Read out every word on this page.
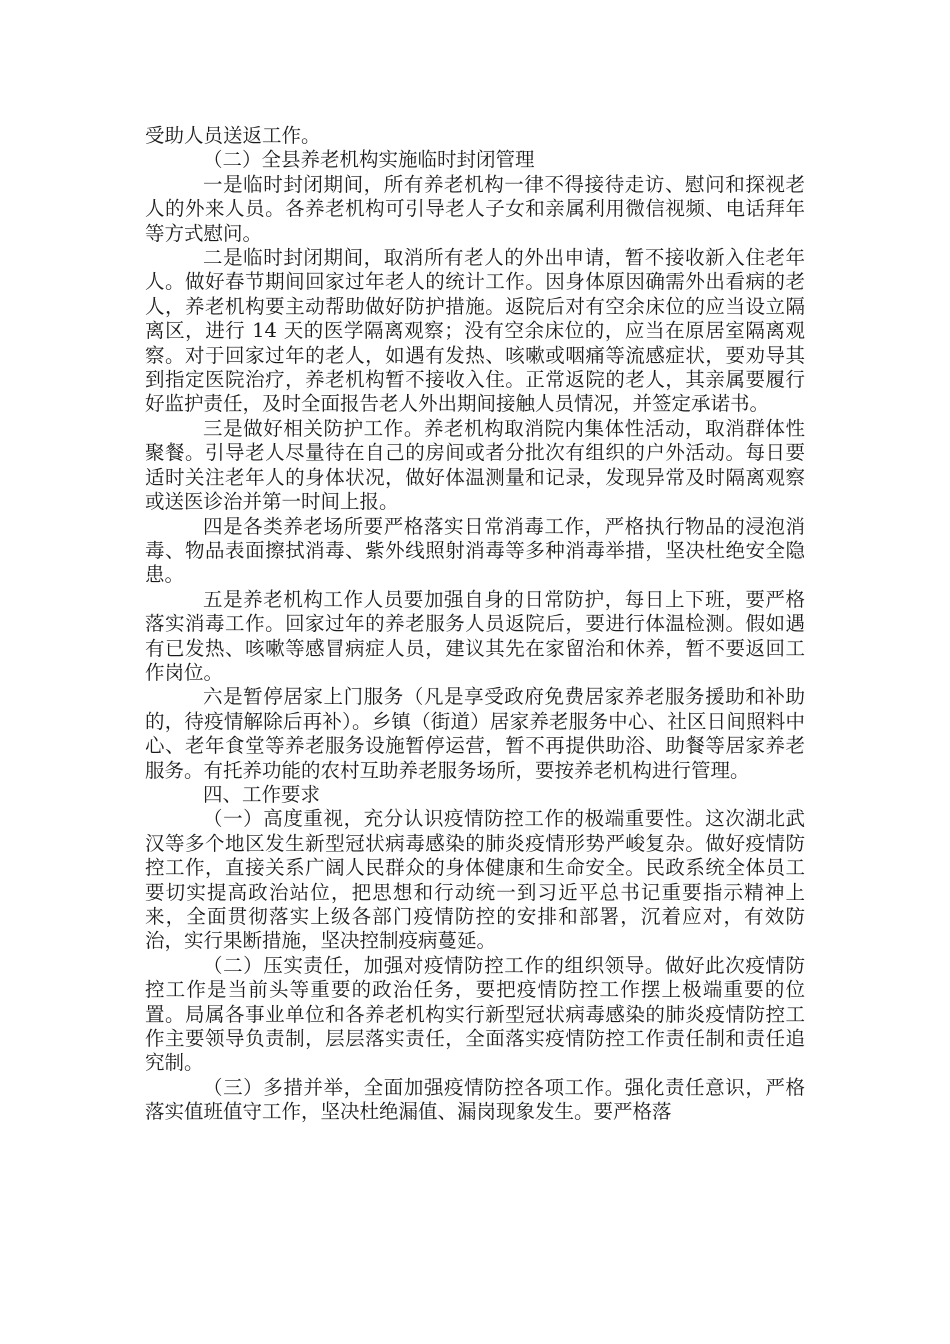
受助人员送返工作。

（二）全县养老机构实施临时封闭管理

一是临时封闭期间，所有养老机构一律不得接待走访、慰问和探视老人的外来人员。各养老机构可引导老人子女和亲属利用微信视频、电话拜年等方式慰问。

二是临时封闭期间，取消所有老人的外出申请，暂不接收新入住老年人。做好春节期间回家过年老人的统计工作。因身体原因确需外出看病的老人，养老机构要主动帮助做好防护措施。返院后对有空余床位的应当设立隔离区，进行 14 天的医学隔离观察；没有空余床位的，应当在原居室隔离观察。对于回家过年的老人，如遇有发热、咳嗽或咽痛等流感症状，要劝导其到指定医院治疗，养老机构暂不接收入住。正常返院的老人，其亲属要履行好监护责任，及时全面报告老人外出期间接触人员情况，并签定承诺书。

三是做好相关防护工作。养老机构取消院内集体性活动，取消群体性聚餐。引导老人尽量待在自己的房间或者分批次有组织的户外活动。每日要适时关注老年人的身体状况，做好体温测量和记录，发现异常及时隔离观察或送医诊治并第一时间上报。

四是各类养老场所要严格落实日常消毒工作，严格执行物品的浸泡消毒、物品表面擦拭消毒、紫外线照射消毒等多种消毒举措，坚决杜绝安全隐患。

五是养老机构工作人员要加强自身的日常防护，每日上下班，要严格落实消毒工作。回家过年的养老服务人员返院后，要进行体温检测。假如遇有已发热、咳嗽等感冒病症人员，建议其先在家留治和休养，暂不要返回工作岗位。

六是暂停居家上门服务（凡是享受政府免费居家养老服务援助和补助的，待疫情解除后再补）。乡镇（街道）居家养老服务中心、社区日间照料中心、老年食堂等养老服务设施暂停运营，暂不再提供助浴、助餐等居家养老服务。有托养功能的农村互助养老服务场所，要按养老机构进行管理。

四、工作要求

（一）高度重视，充分认识疫情防控工作的极端重要性。这次湖北武汉等多个地区发生新型冠状病毒感染的肺炎疫情形势严峻复杂。做好疫情防控工作，直接关系广阔人民群众的身体健康和生命安全。民政系统全体员工要切实提高政治站位，把思想和行动统一到习近平总书记重要指示精神上来，全面贯彻落实上级各部门疫情防控的安排和部署，沉着应对，有效防治，实行果断措施，坚决控制疫病蔓延。

（二）压实责任，加强对疫情防控工作的组织领导。做好此次疫情防控工作是当前头等重要的政治任务，要把疫情防控工作摆上极端重要的位置。局属各事业单位和各养老机构实行新型冠状病毒感染的肺炎疫情防控工作主要领导负责制，层层落实责任，全面落实疫情防控工作责任制和责任追究制。

（三）多措并举，全面加强疫情防控各项工作。强化责任意识，严格落实值班值守工作，坚决杜绝漏值、漏岗现象发生。要严格落
